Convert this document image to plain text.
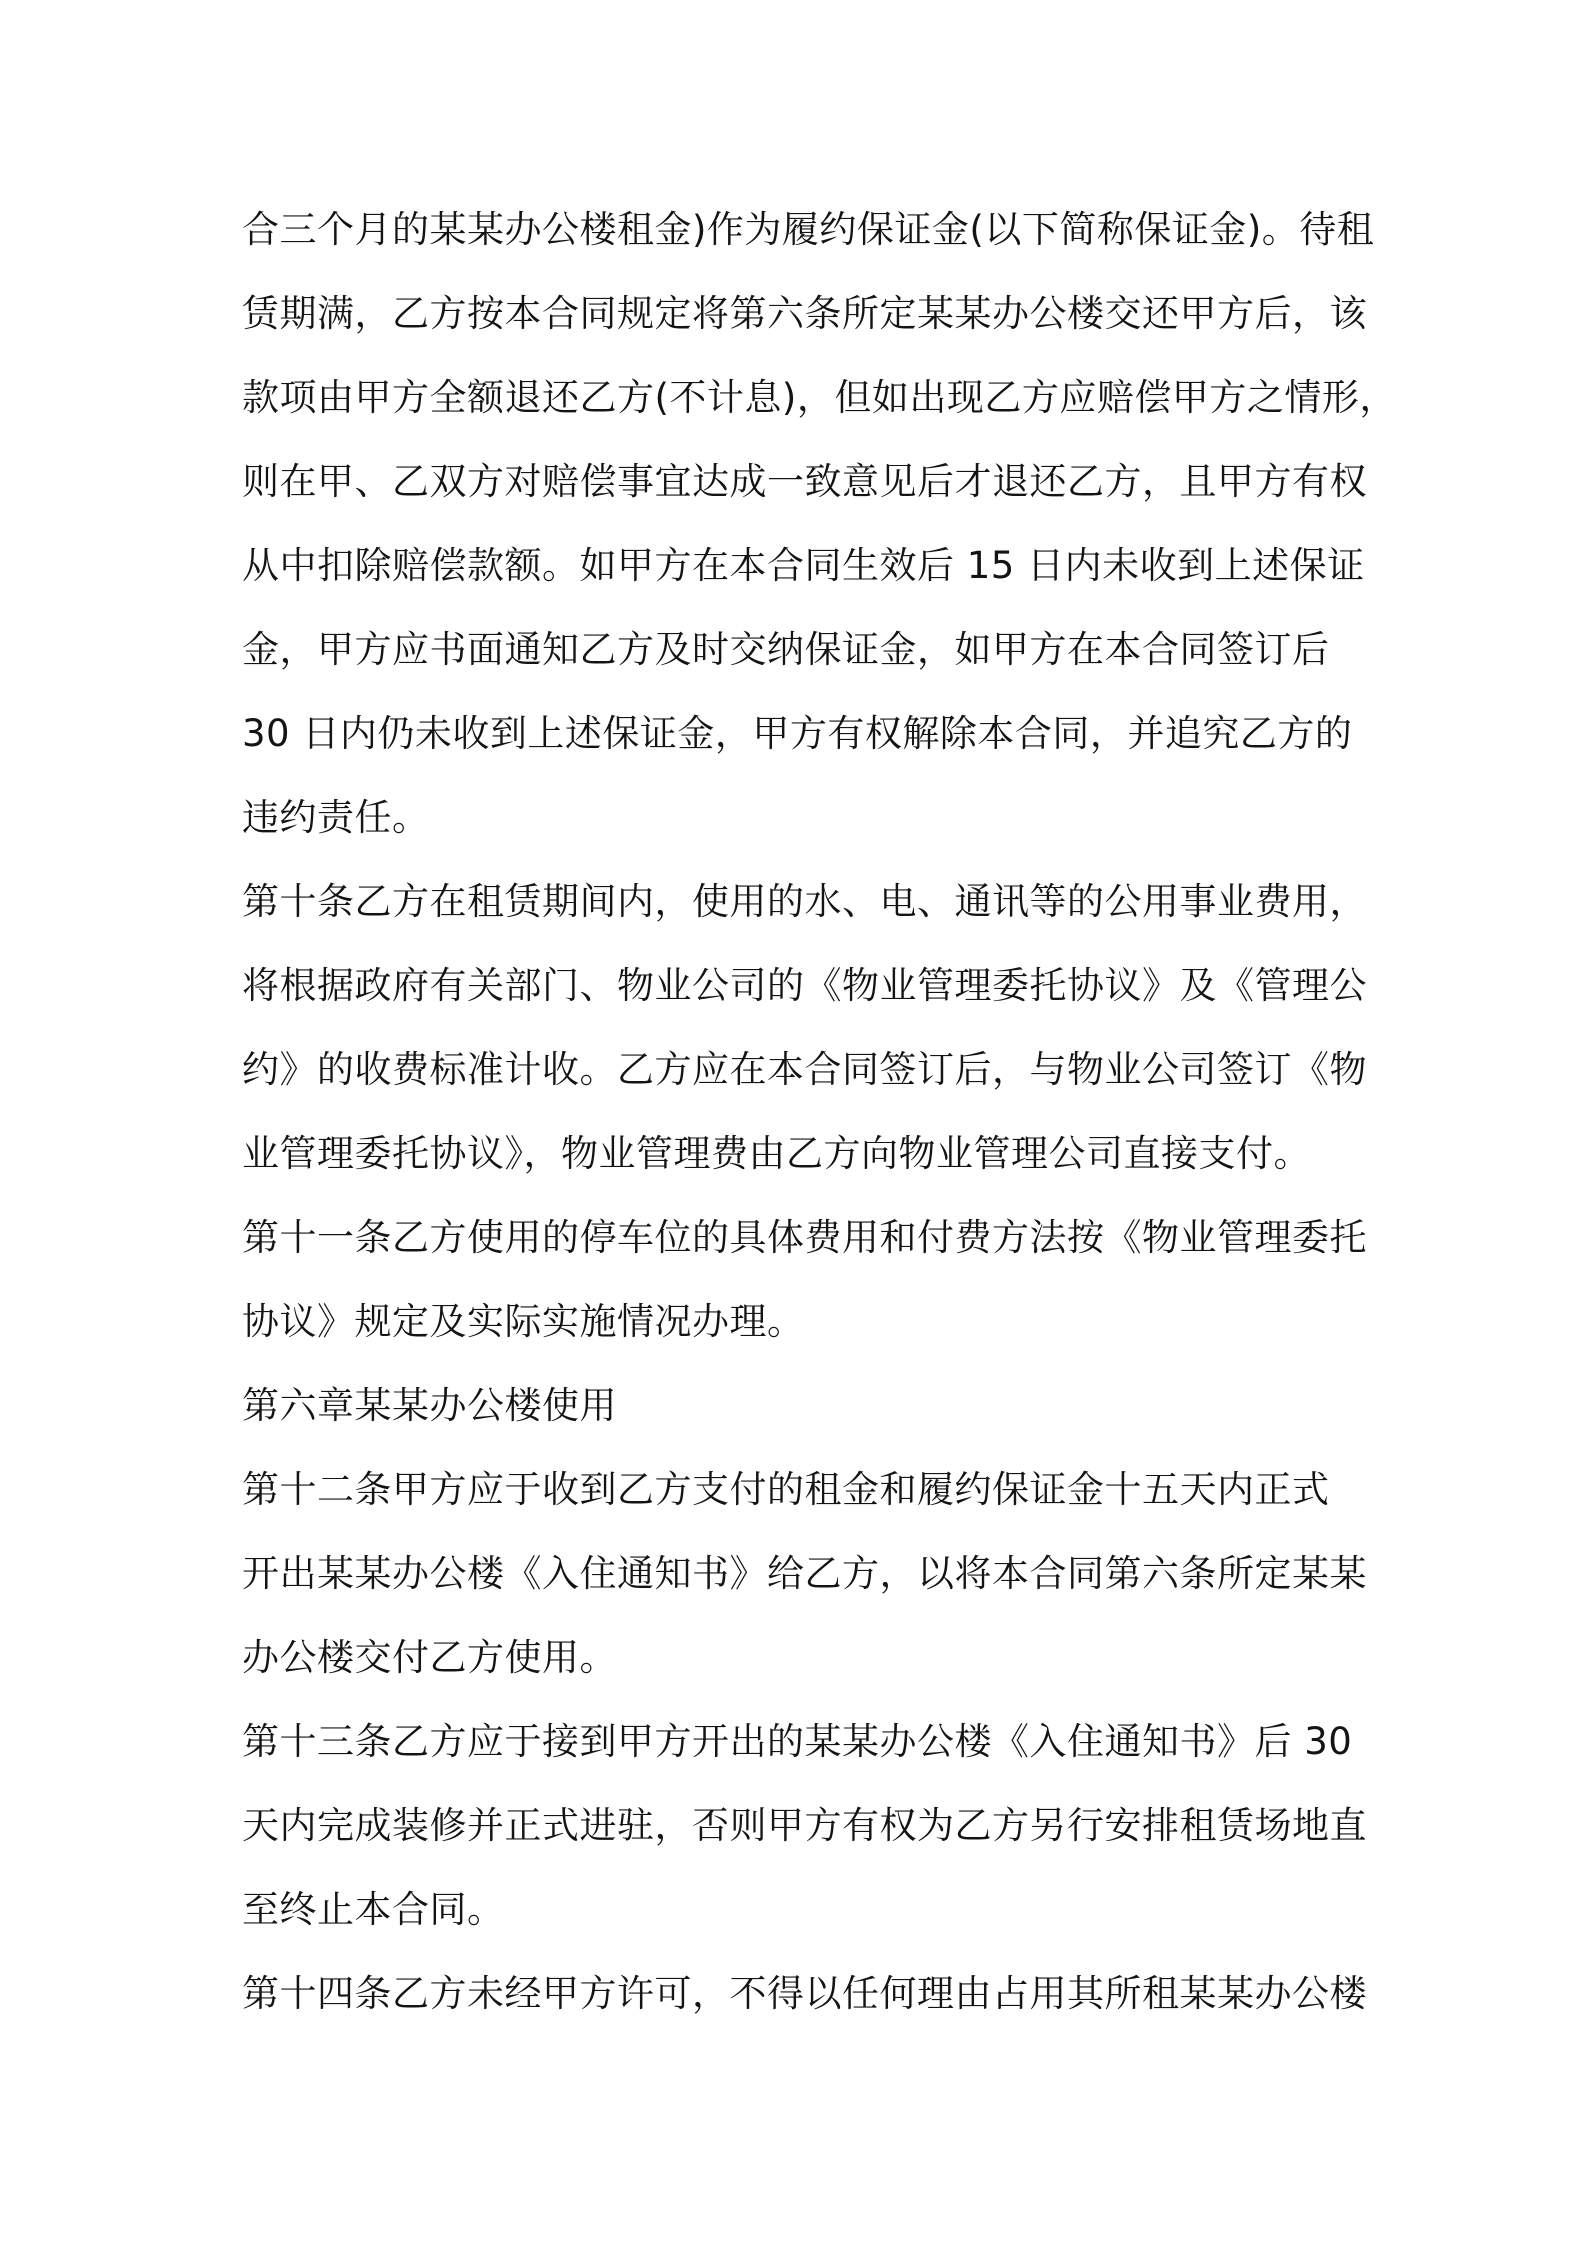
合三个月的某某办公楼租金)作为履约保证金(以下简称保证金)。待租
赁期满，乙方按本合同规定将第六条所定某某办公楼交还甲方后，该
款项由甲方全额退还乙方(不计息)，但如出现乙方应赔偿甲方之情形，
则在甲、乙双方对赔偿事宜达成一致意见后才退还乙方，且甲方有权
从中扣除赔偿款额。如甲方在本合同生效后 15 日内未收到上述保证
金，甲方应书面通知乙方及时交纳保证金，如甲方在本合同签订后
30 日内仍未收到上述保证金，甲方有权解除本合同，并追究乙方的
违约责任。
第十条乙方在租赁期间内，使用的水、电、通讯等的公用事业费用，
将根据政府有关部门、物业公司的《物业管理委托协议》及《管理公
约》的收费标准计收。乙方应在本合同签订后，与物业公司签订《物
业管理委托协议》，物业管理费由乙方向物业管理公司直接支付。
第十一条乙方使用的停车位的具体费用和付费方法按《物业管理委托
协议》规定及实际实施情况办理。
第六章某某办公楼使用
第十二条甲方应于收到乙方支付的租金和履约保证金十五天内正式
开出某某办公楼《入住通知书》给乙方，以将本合同第六条所定某某
办公楼交付乙方使用。
第十三条乙方应于接到甲方开出的某某办公楼《入住通知书》后 30
天内完成装修并正式进驻，否则甲方有权为乙方另行安排租赁场地直
至终止本合同。
第十四条乙方未经甲方许可，不得以任何理由占用其所租某某办公楼
